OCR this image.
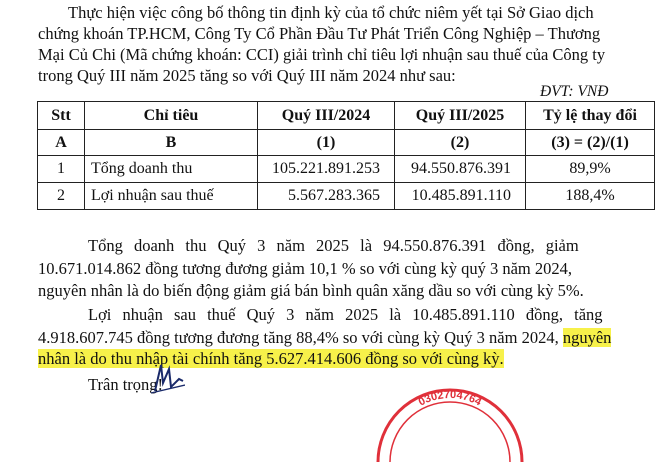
Thực hiện việc công bố thông tin định kỳ của tổ chức niêm yết tại Sở Giao dịch
chứng khoán TP.HCM, Công Ty Cổ Phần Đầu Tư Phát Triển Công Nghiệp – Thương
Mại Củ Chi (Mã chứng khoán: CCI) giải trình chỉ tiêu lợi nhuận sau thuế của Công ty
trong Quý III năm 2025 tăng so với Quý III năm 2024 như sau:
ĐVT: VNĐ
Stt	Chỉ tiêu	Quý III/2024	Quý III/2025	Tỷ lệ thay đổi
A	B	(1)	(2)	(3) = (2)/(1)
1	Tổng doanh thu	105.221.891.253	94.550.876.391	89,9%
2	Lợi nhuận sau thuế	5.567.283.365	10.485.891.110	188,4%
Tổng doanh thu Quý 3 năm 2025 là 94.550.876.391 đồng, giảm
10.671.014.862 đồng tương đương giảm 10,1 % so với cùng kỳ quý 3 năm 2024,
nguyên nhân là do biến động giảm giá bán bình quân xăng dầu so với cùng kỳ 5%.
Lợi nhuận sau thuế Quý 3 năm 2025 là 10.485.891.110 đồng, tăng
4.918.607.745 đồng tương đương tăng 88,4% so với cùng kỳ Quý 3 năm 2024, nguyên
nhân là do thu nhập tài chính tăng 5.627.414.606 đồng so với cùng kỳ.
Trân trọng!
0302704764
